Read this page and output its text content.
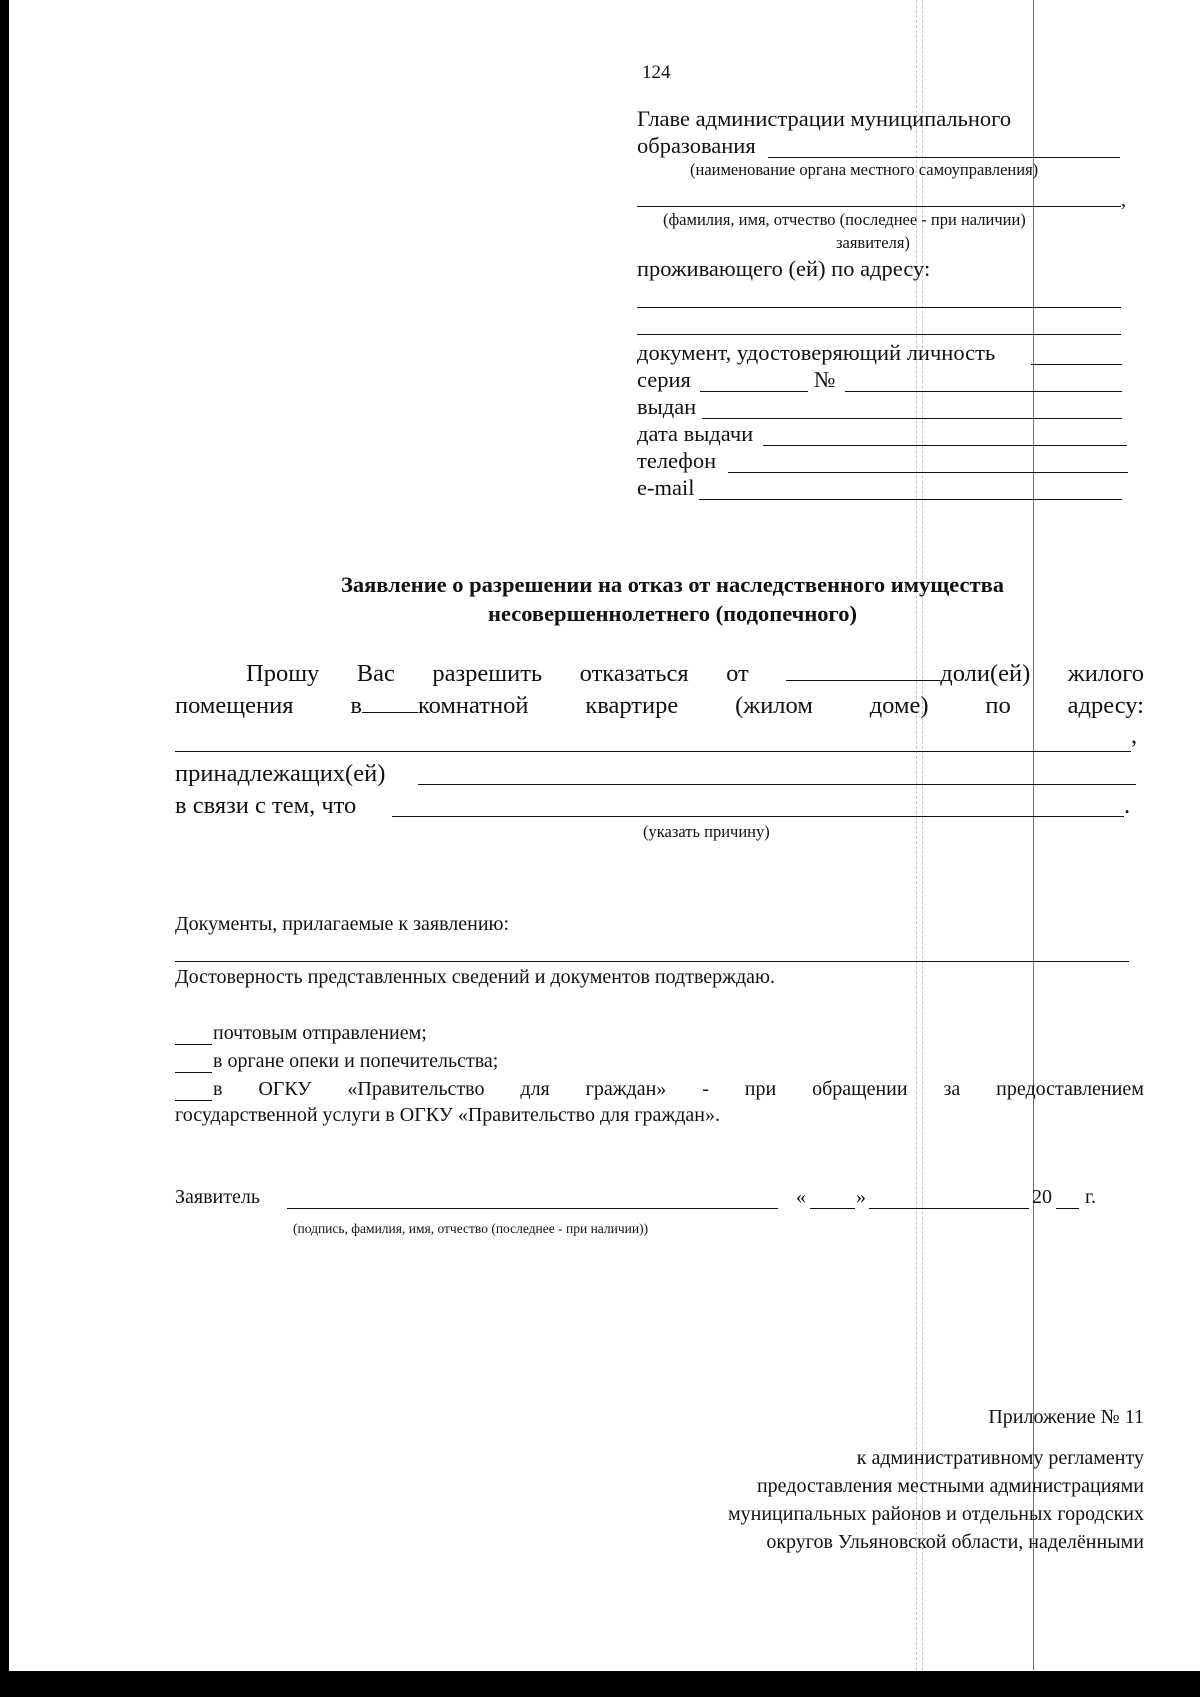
124
Главе администрации муниципального
образования
(наименование органа местного самоуправления)
,
(фамилия, имя, отчество (последнее - при наличии)
заявителя)
проживающего (ей) по адресу:
документ, удостоверяющий личность
серия	№
выдан
дата выдачи
телефон
e-mail
Заявление о разрешении на отказ от наследственного имущества
несовершеннолетнего (подопечного)
Прошу Вас разрешить отказаться от	доли(ей) жилого
помещения в комнатной квартире (жилом доме) по адресу:
,
принадлежащих(ей)
в связи с тем, что	.
(указать причину)
Документы, прилагаемые к заявлению:
Достоверность представленных сведений и документов подтверждаю.
почтовым отправлением;
в органе опеки и попечительства;
в ОГКУ «Правительство для граждан» - при обращении за предоставлением
государственной услуги в ОГКУ «Правительство для граждан».
Заявитель	«	»	20 г.
(подпись, фамилия, имя, отчество (последнее - при наличии))
Приложение № 11
к административному регламенту
предоставления местными администрациями
муниципальных районов и отдельных городских
округов Ульяновской области, наделёнными
